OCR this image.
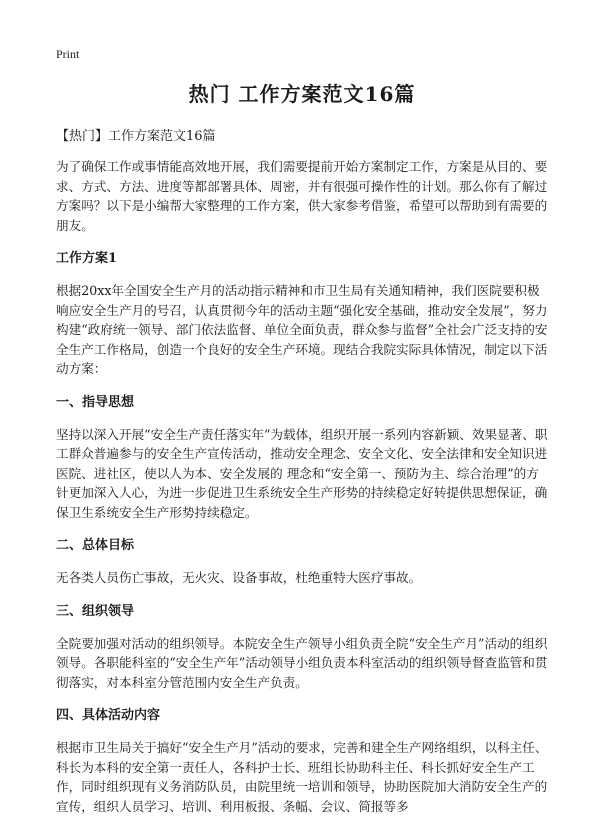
Print
热门 工作方案范文16篇
【热门】工作方案范文16篇

为了确保工作或事情能高效地开展，我们需要提前开始方案制定工作，方案是从目的、要求、方式、方法、进度等都部署具体、周密，并有很强可操作性的计划。那么你有了解过方案吗？以下是小编帮大家整理的工作方案，供大家参考借鉴，希望可以帮助到有需要的朋友。

工作方案1

根据20xx年全国安全生产月的活动指示精神和市卫生局有关通知精神，我们医院要积极响应安全生产月的号召，认真贯彻今年的活动主题“强化安全基础，推动安全发展”，努力构建“政府统一领导、部门依法监督、单位全面负责，群众参与监督”全社会广泛支持的安全生产工作格局，创造一个良好的安全生产环境。现结合我院实际具体情况，制定以下活动方案：

一、指导思想

坚持以深入开展“安全生产责任落实年”为载体，组织开展一系列内容新颖、效果显著、职工群众普遍参与的安全生产宣传活动，推动安全理念、安全文化、安全法律和安全知识进医院、进社区，使以人为本、安全发展的 理念和“安全第一、预防为主、综合治理”的方针更加深入人心，为进一步促进卫生系统安全生产形势的持续稳定好转提供思想保证，确保卫生系统安全生产形势持续稳定。

二、总体目标

无各类人员伤亡事故，无火灾、设备事故，杜绝重特大医疗事故。

三、组织领导

全院要加强对活动的组织领导。本院安全生产领导小组负责全院“安全生产月”活动的组织领导。各职能科室的“安全生产年”活动领导小组负责本科室活动的组织领导督查监管和贯彻落实，对本科室分管范围内安全生产负责。

四、具体活动内容

根据市卫生局关于搞好“安全生产月”活动的要求，完善和建全生产网络组织，以科主任、科长为本科的安全第一责任人，各科护士长、班组长协助科主任、科长抓好安全生产工作，同时组织现有义务消防队员，由院里统一培训和领导，协助医院加大消防安全生产的宣传，组织人员学习、培训、利用板报、条幅、会议、简报等多
